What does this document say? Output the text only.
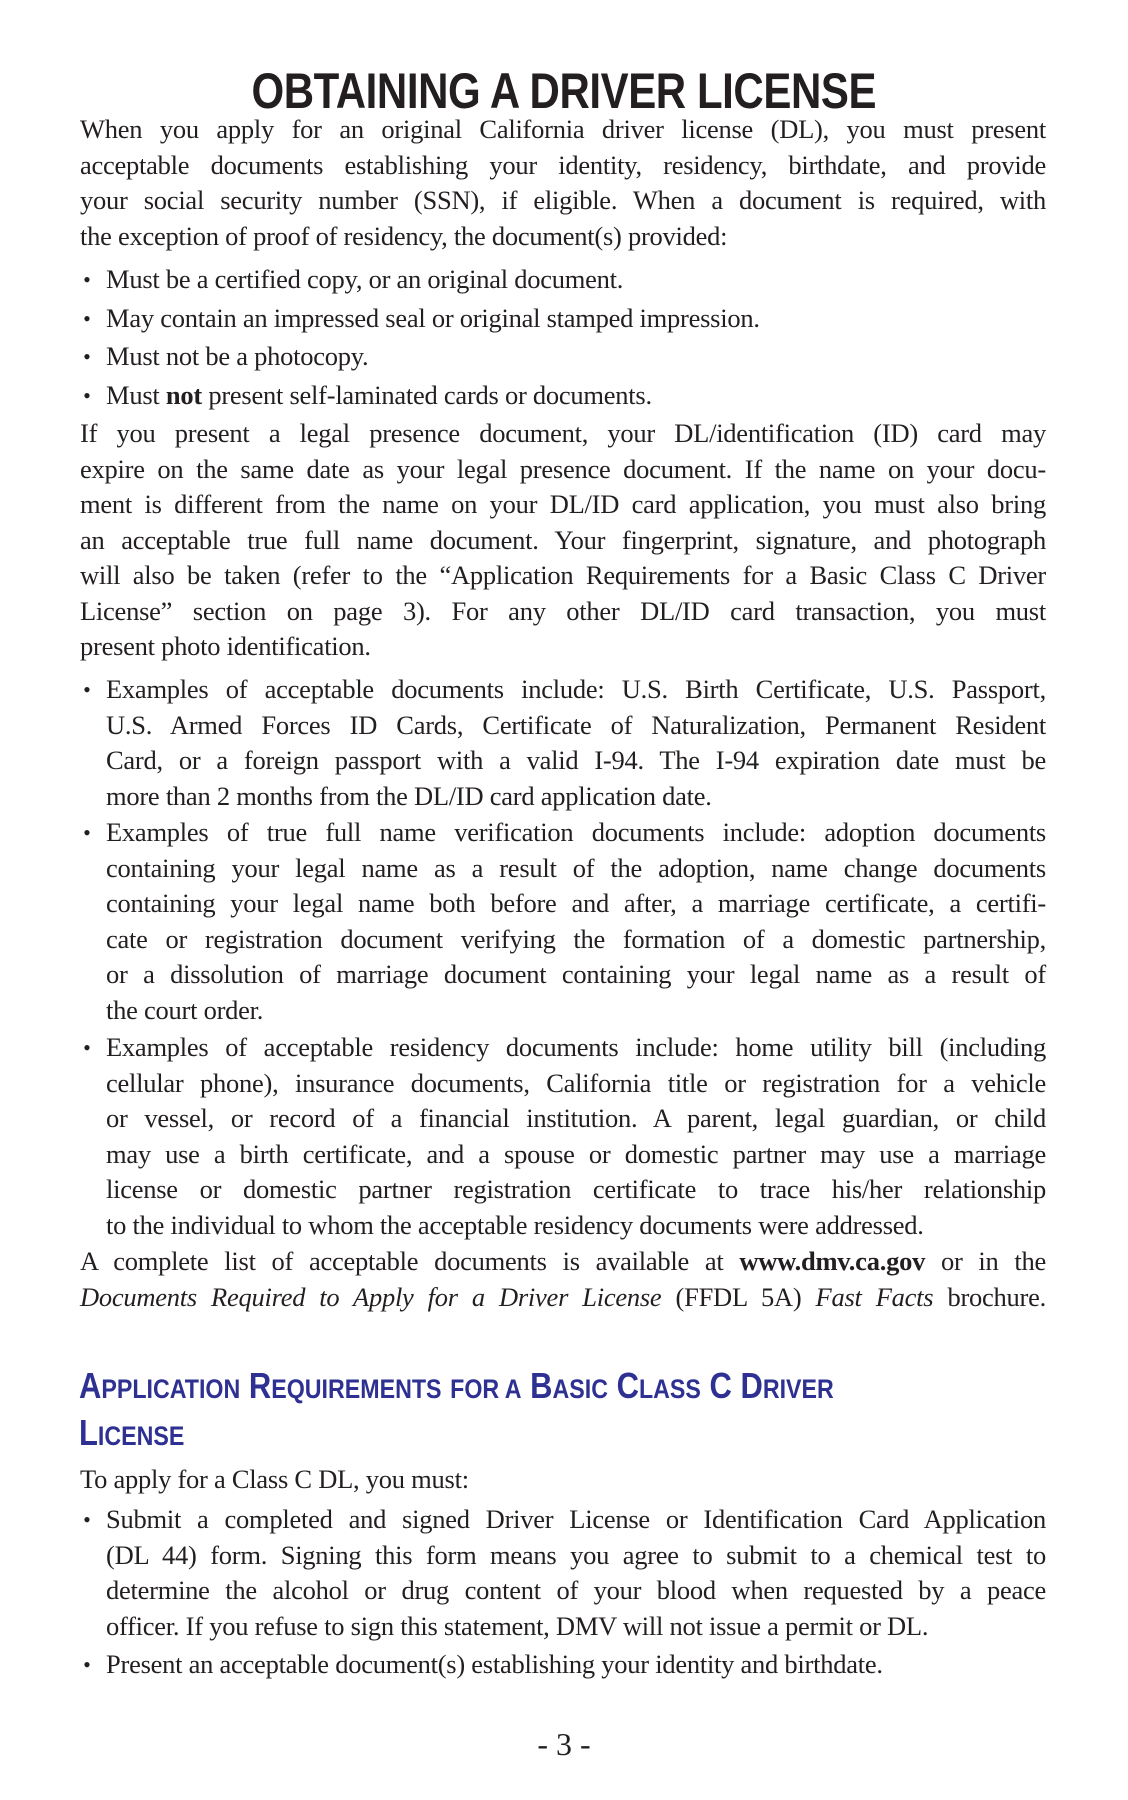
OBTAINING A DRIVER LICENSE
When you apply for an original California driver license (DL), you must present
acceptable documents establishing your identity, residency, birthdate, and provide
your social security number (SSN), if eligible. When a document is required, with
the exception of proof of residency, the document(s) provided:
• Must be a certified copy, or an original document.
• May contain an impressed seal or original stamped impression.
• Must not be a photocopy.
• Must not present self-laminated cards or documents.
If you present a legal presence document, your DL/identification (ID) card may
expire on the same date as your legal presence document. If the name on your docu-
ment is different from the name on your DL/ID card application, you must also bring
an acceptable true full name document. Your fingerprint, signature, and photograph
will also be taken (refer to the “Application Requirements for a Basic Class C Driver
License” section on page 3). For any other DL/ID card transaction, you must
present photo identification.
• Examples of acceptable documents include: U.S. Birth Certificate, U.S. Passport,
U.S. Armed Forces ID Cards, Certificate of Naturalization, Permanent Resident
Card, or a foreign passport with a valid I-94. The I-94 expiration date must be
more than 2 months from the DL/ID card application date.
• Examples of true full name verification documents include: adoption documents
containing your legal name as a result of the adoption, name change documents
containing your legal name both before and after, a marriage certificate, a certifi-
cate or registration document verifying the formation of a domestic partnership,
or a dissolution of marriage document containing your legal name as a result of
the court order.
• Examples of acceptable residency documents include: home utility bill (including
cellular phone), insurance documents, California title or registration for a vehicle
or vessel, or record of a financial institution. A parent, legal guardian, or child
may use a birth certificate, and a spouse or domestic partner may use a marriage
license or domestic partner registration certificate to trace his/her relationship
to the individual to whom the acceptable residency documents were addressed.
A complete list of acceptable documents is available at www.dmv.ca.gov or in the
Documents Required to Apply for a Driver License (FFDL 5A) Fast Facts brochure.
APPLICATION REQUIREMENTS FOR A BASIC CLASS C DRIVER
LICENSE
To apply for a Class C DL, you must:
• Submit a completed and signed Driver License or Identification Card Application
(DL 44) form. Signing this form means you agree to submit to a chemical test to
determine the alcohol or drug content of your blood when requested by a peace
officer. If you refuse to sign this statement, DMV will not issue a permit or DL.
• Present an acceptable document(s) establishing your identity and birthdate.
- 3 -
